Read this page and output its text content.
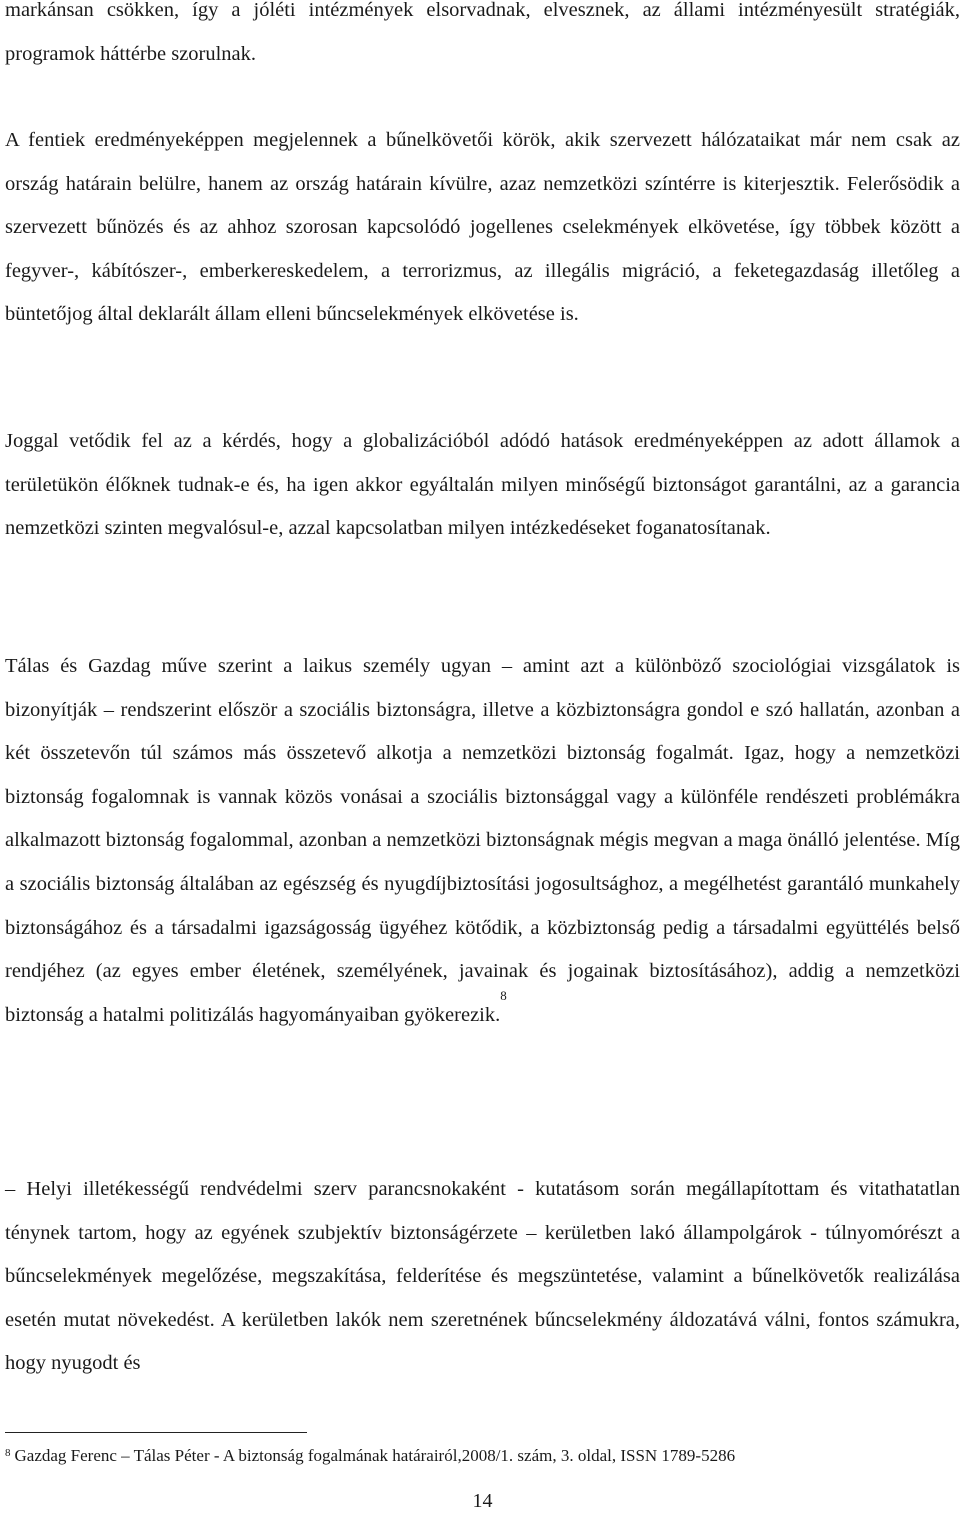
markánsan csökken, így a jóléti intézmények elsorvadnak, elvesznek, az állami intézményesült stratégiák, programok háttérbe szorulnak.

A fentiek eredményeképpen megjelennek a bűnelkövetői körök, akik szervezett hálózataikat már nem csak az ország határain belülre, hanem az ország határain kívülre, azaz nemzetközi színtérre is kiterjesztik. Felerősödik a szervezett bűnözés és az ahhoz szorosan kapcsolódó jogellenes cselekmények elkövetése, így többek között a fegyver-, kábítószer-, emberkereskedelem, a terrorizmus, az illegális migráció, a feketegazdaság illetőleg a büntetőjog által deklarált állam elleni bűncselekmények elkövetése is.

Joggal vetődik fel az a kérdés, hogy a globalizációból adódó hatások eredményeképpen az adott államok a területükön élőknek tudnak-e és, ha igen akkor egyáltalán milyen minőségű biztonságot garantálni, az a garancia nemzetközi szinten megvalósul-e, azzal kapcsolatban milyen intézkedéseket foganatosítanak.

Tálas és Gazdag műve szerint a laikus személy ugyan ‒ amint azt a különböző szociológiai vizsgálatok is bizonyítják ‒ rendszerint először a szociális biztonságra, illetve a közbiztonságra gondol e szó hallatán, azonban a két összetevőn túl számos más összetevő alkotja a nemzetközi biztonság fogalmát. Igaz, hogy a nemzetközi biztonság fogalomnak is vannak közös vonásai a szociális biztonsággal vagy a különféle rendészeti problémákra alkalmazott biztonság fogalommal, azonban a nemzetközi biztonságnak mégis megvan a maga önálló jelentése. Míg a szociális biztonság általában az egészség és nyugdíjbiztosítási jogosultsághoz, a megélhetést garantáló munkahely biztonságához és a társadalmi igazságosság ügyéhez kötődik, a közbiztonság pedig a társadalmi együttélés belső rendjéhez (az egyes ember életének, személyének, javainak és jogainak biztosításához), addig a nemzetközi biztonság a hatalmi politizálás hagyományaiban gyökerezik.$^8$

‒ Helyi illetékességű rendvédelmi szerv parancsnokaként - kutatásom során megállapítottam és vitathatatlan ténynek tartom, hogy az egyének szubjektív biztonságérzete ‒ kerületben lakó állampolgárok - túlnyomórészt a bűncselekmények megelőzése, megszakítása, felderítése és megszüntetése, valamint a bűnelkövetők realizálása esetén mutat növekedést. A kerületben lakók nem szeretnének bűncselekmény áldozatává válni, fontos számukra, hogy nyugodt és

$^8$ Gazdag Ferenc ‒ Tálas Péter - A biztonság fogalmának határairól,2008/1. szám, 3. oldal, ISSN 1789-5286
14
